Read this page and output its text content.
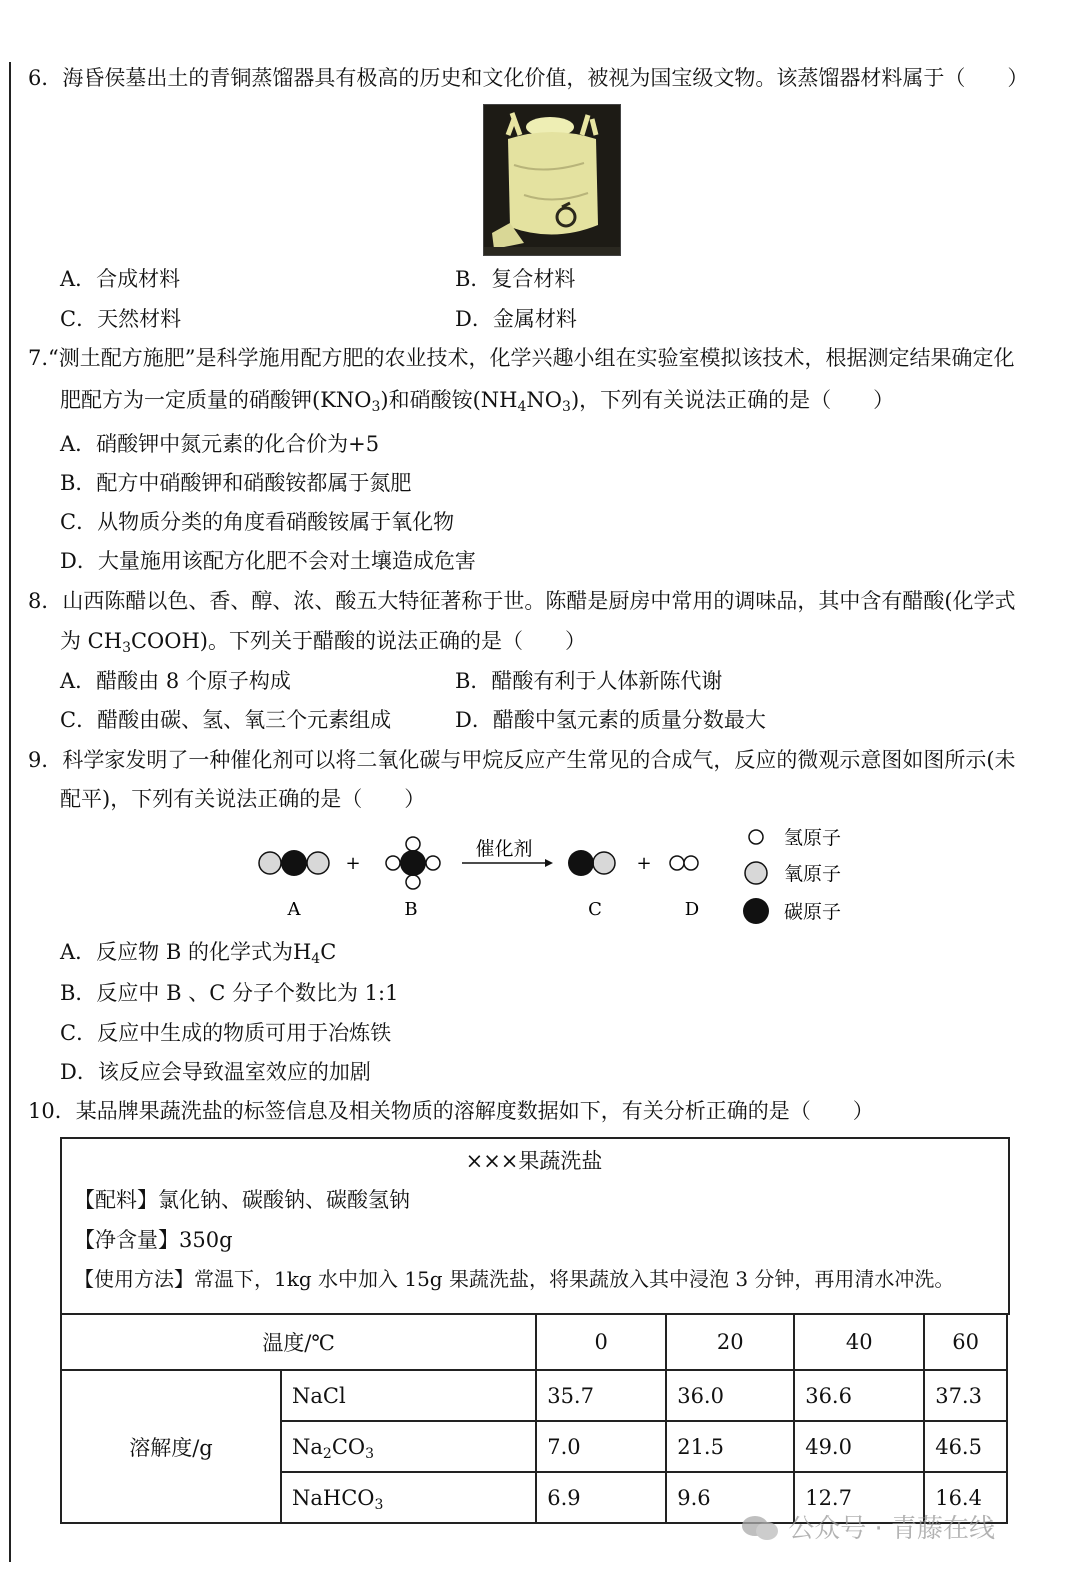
6．海昏侯墓出土的青铜蒸馏器具有极高的历史和文化价值，被视为国宝级文物。该蒸馏器材料属于（　　）
A．合成材料	B．复合材料
C．天然材料	D．金属材料
7.“测土配方施肥”是科学施用配方肥的农业技术，化学兴趣小组在实验室模拟该技术，根据测定结果确定化
肥配方为一定质量的硝酸钾$(KNO_3)$和硝酸铵$(NH_4NO_3)$，下列有关说法正确的是（　　）
A．硝酸钾中氮元素的化合价为+5
B．配方中硝酸钾和硝酸铵都属于氮肥
C．从物质分类的角度看硝酸铵属于氧化物
D．大量施用该配方化肥不会对土壤造成危害
8．山西陈醋以色、香、醇、浓、酸五大特征著称于世。陈醋是厨房中常用的调味品，其中含有醋酸(化学式
为 $CH_3COOH$)。下列关于醋酸的说法正确的是（　　）
A．醋酸由 8 个原子构成	B．醋酸有利于人体新陈代谢
C．醋酸由碳、氢、氧三个元素组成	D．醋酸中氢元素的质量分数最大
9．科学家发明了一种催化剂可以将二氧化碳与甲烷反应产生常见的合成气，反应的微观示意图如图所示(未
配平)，下列有关说法正确的是（　　）
+
催化剂
+
A	B	C	D
氢原子
氧原子
碳原子
A．反应物 B 的化学式为$H_4C$
B．反应中 B 、C 分子个数比为 1:1
C．反应中生成的物质可用于冶炼铁
D．该反应会导致温室效应的加剧
10．某品牌果蔬洗盐的标签信息及相关物质的溶解度数据如下，有关分析正确的是（　　）
×××果蔬洗盐
【配料】氯化钠、碳酸钠、碳酸氢钠
【净含量】350g
【使用方法】常温下，1kg 水中加入 15g 果蔬洗盐，将果蔬放入其中浸泡 3 分钟，再用清水冲洗。
温度/℃		0	20	40	60
溶解度/g	NaCl	35.7	36.0	36.6	37.3
	$Na_2CO_3$	7.0	21.5	49.0	46.5
	NaHCO$_3$	6.9	9.6	12.7	16.4
公众号 · 青藤在线
